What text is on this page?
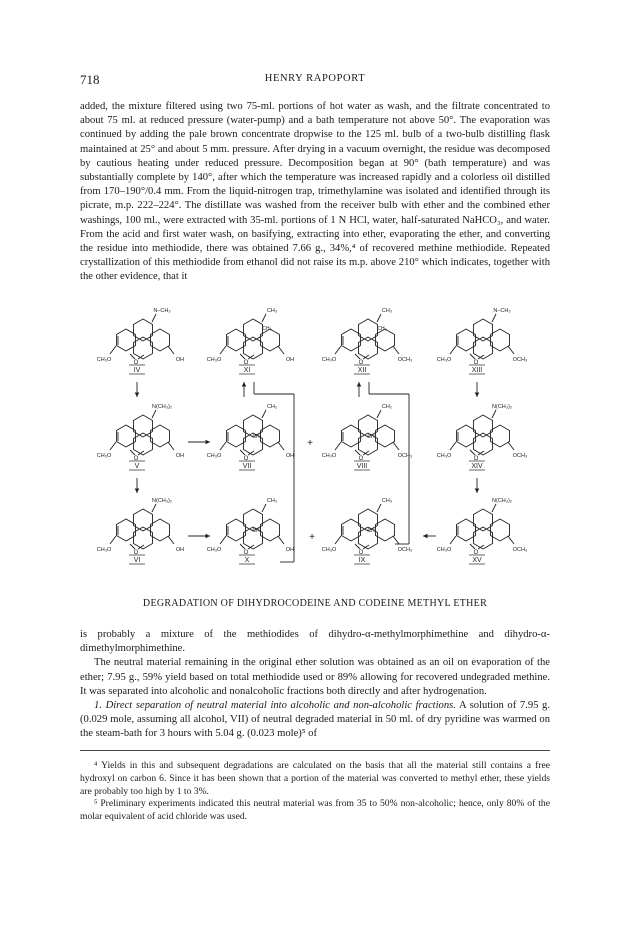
718	HENRY RAPOPORT

added, the mixture filtered using two 75-ml. portions of hot water as wash, and the filtrate concentrated to about 75 ml. at reduced pressure (water-pump) and a bath temperature not above 50°. The evaporation was continued by adding the pale brown concentrate dropwise to the 125 ml. bulb of a two-bulb distilling flask maintained at 25° and about 5 mm. pressure. After drying in a vacuum overnight, the residue was decomposed by cautious heating under reduced pressure. Decomposition began at 90° (bath temperature) and was substantially complete by 140°, after which the temperature was increased rapidly and a colorless oil distilled from 170–190°/0.4 mm. From the liquid-nitrogen trap, trimethylamine was isolated and identified through its picrate, m.p. 222–224°. The distillate was washed from the receiver bulb with ether and the combined ether washings, 100 ml., were extracted with 35-ml. portions of 1 N HCl, water, half-saturated NaHCO₃, and water. From the acid and first water wash, on basifying, extracting into ether, evaporating the ether, and converting the residue into methiodide, there was obtained 7.66 g., 34%,⁴ of recovered methine methiodide. Repeated crystallization of this methiodide from ethanol did not raise its m.p. above 210° which indicates, together with the other evidence, that it

O
CH₃O	OH
N–CH₃
IV
O
CH₃O	OH
CH₃
CH₂
XI
O
CH₃O	OCH₃
CH₃
CH₂
XII
O
CH₃O	OCH₃
N–CH₃
XIII
O
CH₃O	OH
N(CH₃)₂
V
O
CH₃O	OH
CH₂
CH
VII
O
CH₃O	OCH₃
CH₂
CH
VIII
O
CH₃O	OCH₃
N(CH₃)₂
XIV
O
CH₃O	OH
N(CH₃)₂
VI
O
CH₃O	OH
CH₃
CH
X
O
CH₃O	OCH₃
CH₃
CH
IX
O
CH₃O	OCH₃
N(CH₃)₂
XV
+
+
DEGRADATION OF DIHYDROCODEINE AND CODEINE METHYL ETHER

is probably a mixture of the methiodides of dihydro-α-methylmorphimethine and dihydro-α-dimethylmorphimethine.

The neutral material remaining in the original ether solution was obtained as an oil on evaporation of the ether; 7.95 g., 59% yield based on total methiodide used or 89% allowing for recovered undegraded methine. It was separated into alcoholic and nonalcoholic fractions both directly and after hydrogenation.

1. Direct separation of neutral material into alcoholic and non-alcoholic fractions. A solution of 7.95 g. (0.029 mole, assuming all alcohol, VII) of neutral degraded material in 50 ml. of dry pyridine was warmed on the steam-bath for 3 hours with 5.04 g. (0.023 mole)⁵ of

⁴ Yields in this and subsequent degradations are calculated on the basis that all the material still contains a free hydroxyl on carbon 6. Since it has been shown that a portion of the material was converted to methyl ether, these yields are probably too high by 1 to 3%.

⁵ Preliminary experiments indicated this neutral material was from 35 to 50% non-alcoholic; hence, only 80% of the molar equivalent of acid chloride was used.
